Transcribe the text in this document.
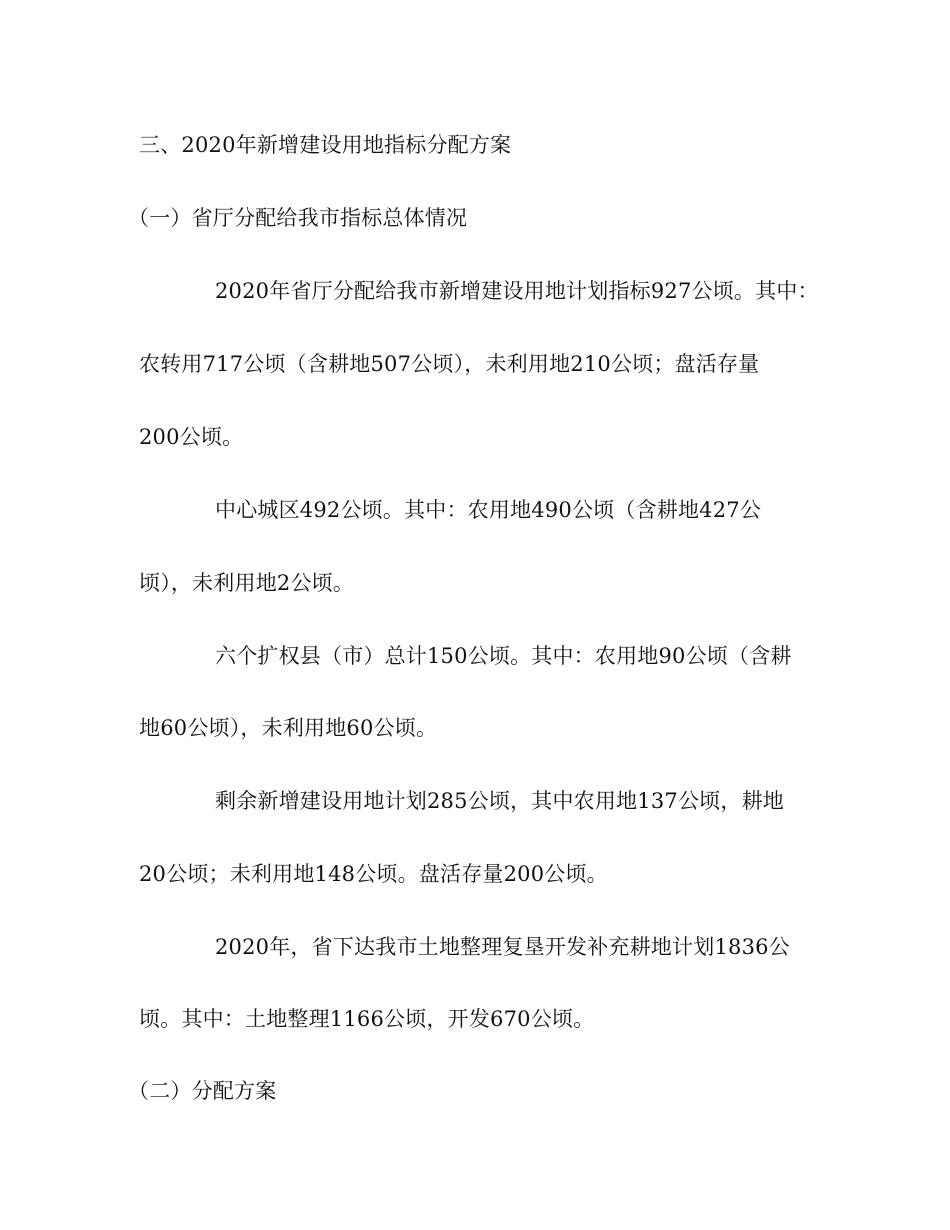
三、2020年新增建设用地指标分配方案
（一）省厅分配给我市指标总体情况
2020年省厅分配给我市新增建设用地计划指标927公顷。其中：
农转用717公顷（含耕地507公顷），未利用地210公顷；盘活存量
200公顷。
中心城区492公顷。其中：农用地490公顷（含耕地427公
顷），未利用地2公顷。
六个扩权县（市）总计150公顷。其中：农用地90公顷（含耕
地60公顷），未利用地60公顷。
剩余新增建设用地计划285公顷，其中农用地137公顷，耕地
20公顷；未利用地148公顷。盘活存量200公顷。
2020年，省下达我市土地整理复垦开发补充耕地计划1836公
顷。其中：土地整理1166公顷，开发670公顷。
（二）分配方案
